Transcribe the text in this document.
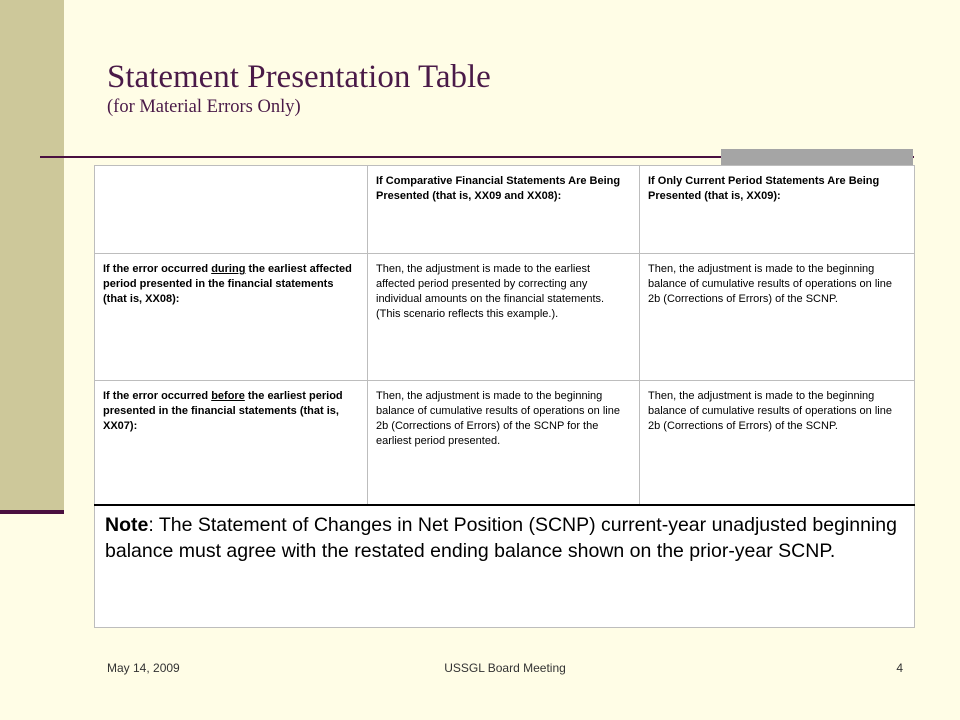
Statement Presentation Table
(for Material Errors Only)
	If Comparative Financial Statements Are Being Presented (that is, XX09 and XX08):	If Only Current Period Statements Are Being Presented (that is, XX09):
If the error occurred during the earliest affected period presented in the financial statements (that is, XX08):	Then, the adjustment is made to the earliest affected period presented by correcting any individual amounts on the financial statements. (This scenario reflects this example.).	Then, the adjustment is made to the beginning balance of cumulative results of operations on line 2b (Corrections of Errors) of the SCNP.
If the error occurred before the earliest period presented in the financial statements (that is, XX07):	Then, the adjustment is made to the beginning balance of cumulative results of operations on line 2b (Corrections of Errors) of the SCNP for the earliest period presented.	Then, the adjustment is made to the beginning balance of cumulative results of operations on line 2b (Corrections of Errors) of the SCNP.
Note: The Statement of Changes in Net Position (SCNP) current-year unadjusted beginning balance must agree with the restated ending balance shown on the prior-year SCNP.		
May 14, 2009	USSGL Board Meeting	4
